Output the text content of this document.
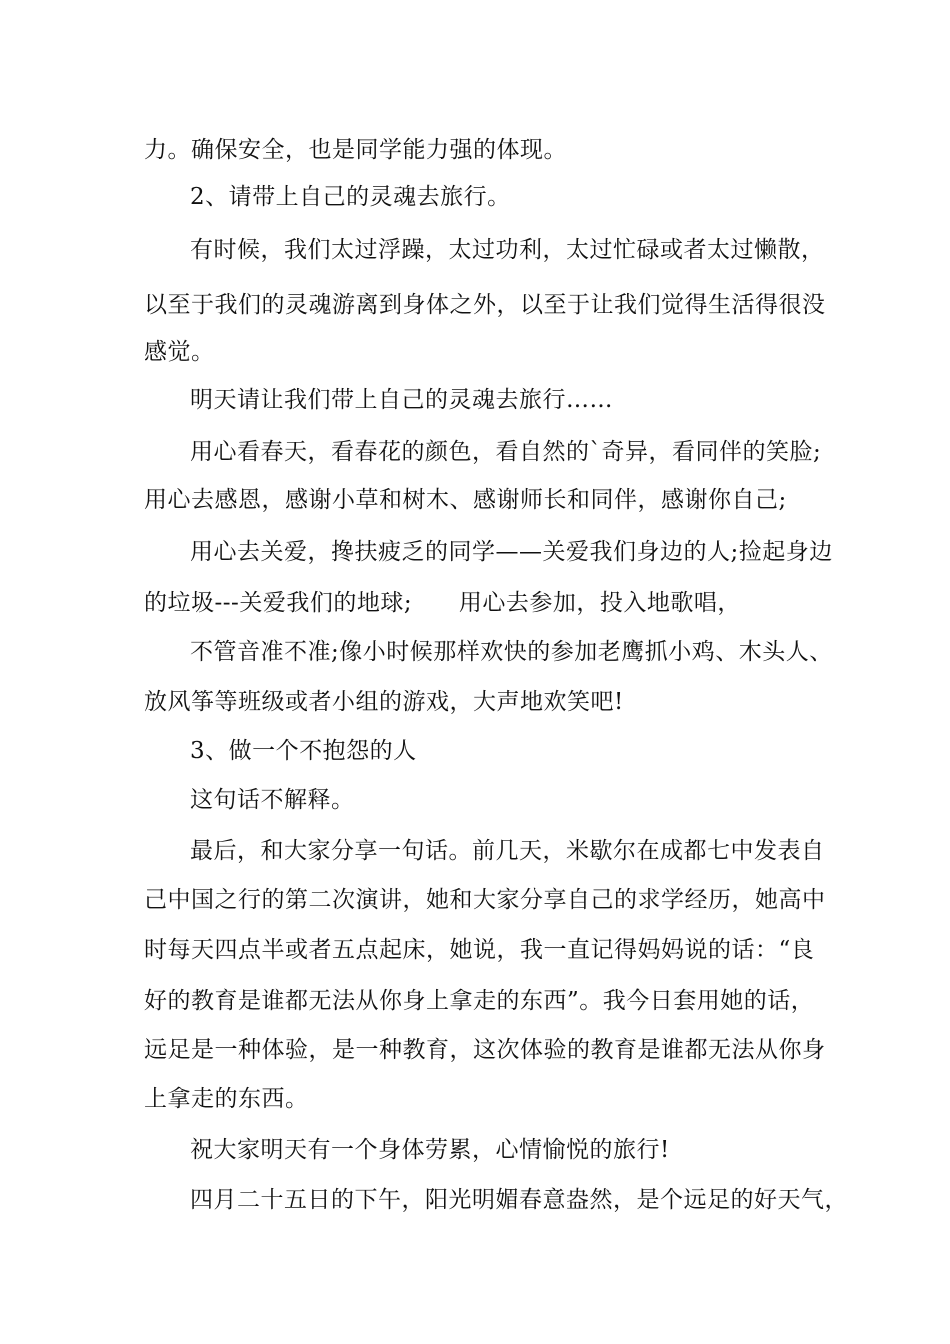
力。确保安全，也是同学能力强的体现。
2、请带上自己的灵魂去旅行。
有时候，我们太过浮躁，太过功利，太过忙碌或者太过懒散，
以至于我们的灵魂游离到身体之外，以至于让我们觉得生活得很没
感觉。
明天请让我们带上自己的灵魂去旅行……
用心看春天，看春花的颜色，看自然的`奇异，看同伴的笑脸;
用心去感恩，感谢小草和树木、感谢师长和同伴，感谢你自己;
用心去关爱，搀扶疲乏的同学——关爱我们身边的人;捡起身边
的垃圾---关爱我们的地球;      用心去参加，投入地歌唱，
不管音准不准;像小时候那样欢快的参加老鹰抓小鸡、木头人、
放风筝等班级或者小组的游戏，大声地欢笑吧!
3、做一个不抱怨的人
这句话不解释。
最后，和大家分享一句话。前几天，米歇尔在成都七中发表自
己中国之行的第二次演讲，她和大家分享自己的求学经历，她高中
时每天四点半或者五点起床，她说，我一直记得妈妈说的话：“良
好的教育是谁都无法从你身上拿走的东西”。我今日套用她的话，
远足是一种体验，是一种教育，这次体验的教育是谁都无法从你身
上拿走的东西。
祝大家明天有一个身体劳累，心情愉悦的旅行!
四月二十五日的下午，阳光明媚春意盎然，是个远足的好天气，
